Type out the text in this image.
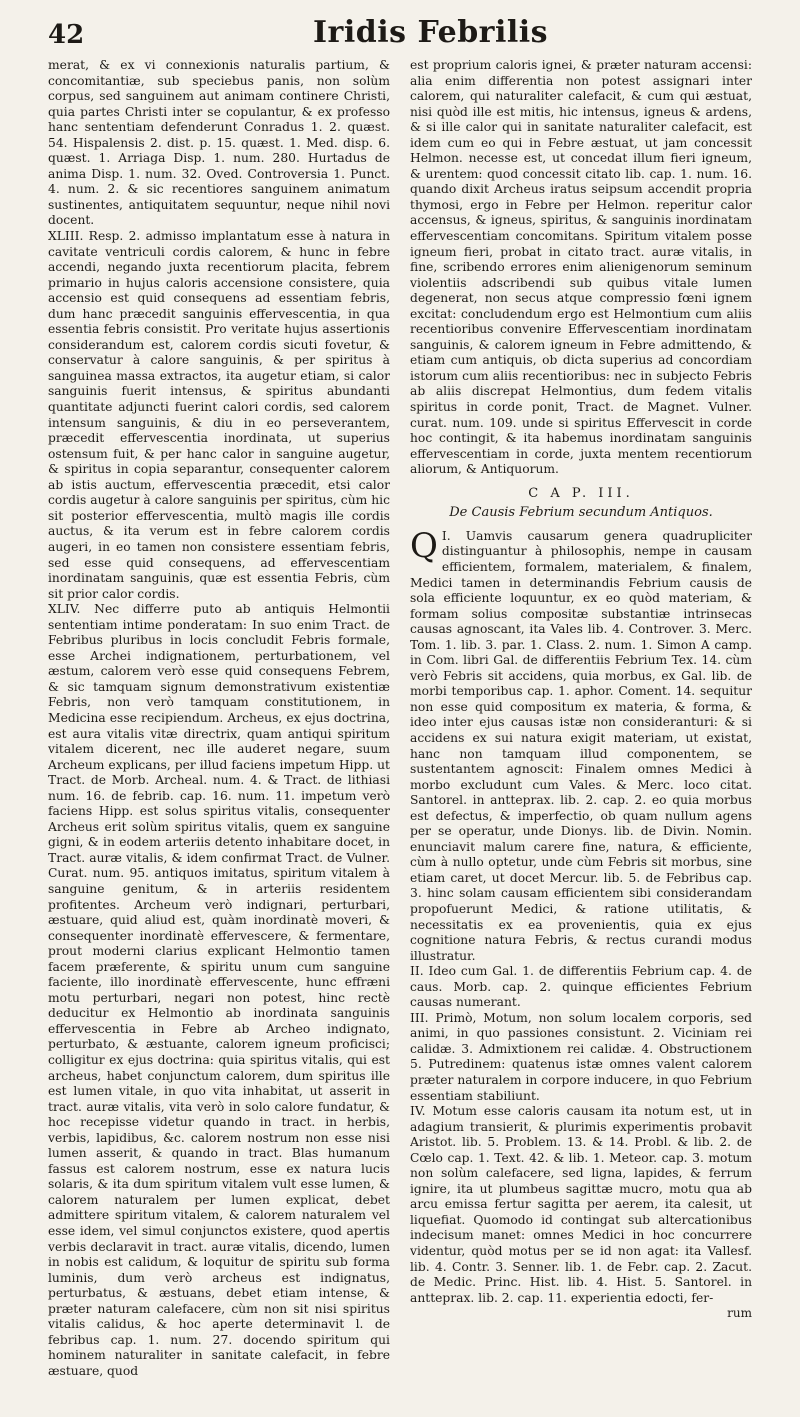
42	Iridis Febrilis

merat, & ex vi connexionis naturalis partium, & concomitantiæ, sub speciebus panis, non solùm corpus, sed sanguinem aut animam continere Christi, quia partes Christi inter se copulantur, & ex professo hanc sententiam defenderunt Conradus 1. 2. quæst. 54. Hispalensis 2. dist. p. 15. quæst. 1. Med. disp. 6. quæst. 1. Arriaga Disp. 1. num. 280. Hurtadus de anima Disp. 1. num. 32. Oved. Controversia 1. Punct. 4. num. 2. & sic recentiores sanguinem animatum sustinentes, antiquitatem sequuntur, neque nihil novi docent.

XLIII. Resp. 2. admisso implantatum esse à natura in cavitate ventriculi cordis calorem, & hunc in febre accendi, negando juxta recentiorum placita, febrem primario in hujus caloris accensione consistere, quia accensio est quid consequens ad essentiam febris, dum hanc præcedit sanguinis effervescentia, in qua essentia febris consistit. Pro veritate hujus assertionis considerandum est, calorem cordis sicuti fovetur, & conservatur à calore sanguinis, & per spiritus à sanguinea massa extractos, ita augetur etiam, si calor sanguinis fuerit intensus, & spiritus abundanti quantitate adjuncti fuerint calori cordis, sed calorem intensum sanguinis, & diu in eo perseverantem, præcedit effervescentia inordinata, ut superius ostensum fuit, & per hanc calor in sanguine augetur, & spiritus in copia separantur, consequenter calorem ab istis auctum, effervescentia præcedit, etsi calor cordis augetur à calore sanguinis per spiritus, cùm hic sit posterior effervescentia, multò magis ille cordis auctus, & ita verum est in febre calorem cordis augeri, in eo tamen non consistere essentiam febris, sed esse quid consequens, ad effervescentiam inordinatam sanguinis, quæ est essentia Febris, cùm sit prior calor cordis.

XLIV. Nec differre puto ab antiquis Helmontii sententiam intime ponderatam: In suo enim Tract. de Febribus pluribus in locis concludit Febris formale, esse Archei indignationem, perturbationem, vel æstum, calorem verò esse quid consequens Febrem, & sic tamquam signum demonstrativum existentiæ Febris, non verò tamquam constitutionem, in Medicina esse recipiendum. Archeus, ex ejus doctrina, est aura vitalis vitæ directrix, quam antiqui spiritum vitalem dicerent, nec ille auderet negare, suum Archeum explicans, per illud faciens impetum Hipp. ut Tract. de Morb. Archeal. num. 4. & Tract. de lithiasi num. 16. de febrib. cap. 16. num. 11. impetum verò faciens Hipp. est solus spiritus vitalis, consequenter Archeus erit solùm spiritus vitalis, quem ex sanguine gigni, & in eodem arteriis detento inhabitare docet, in Tract. auræ vitalis, & idem confirmat Tract. de Vulner. Curat. num. 95. antiquos imitatus, spiritum vitalem à sanguine genitum, & in arteriis residentem profitentes. Archeum verò indignari, perturbari, æstuare, quid aliud est, quàm inordinatè moveri, & consequenter inordinatè effervescere, & fermentare, prout moderni clarius explicant Helmontio tamen facem præferente, & spiritu unum cum sanguine faciente, illo inordinatè effervescente, hunc effræni motu perturbari, negari non potest, hinc rectè deducitur ex Helmontio ab inordinata sanguinis effervescentia in Febre ab Archeo indignato, perturbato, & æstuante, calorem igneum proficisci; colligitur ex ejus doctrina: quia spiritus vitalis, qui est archeus, habet conjunctum calorem, dum spiritus ille est lumen vitale, in quo vita inhabitat, ut asserit in tract. auræ vitalis, vita verò in solo calore fundatur, & hoc recepisse videtur quando in tract. in herbis, verbis, lapidibus, &c. calorem nostrum non esse nisi lumen asserit, & quando in tract. Blas humanum fassus est calorem nostrum, esse ex natura lucis solaris, & ita dum spiritum vitalem vult esse lumen, & calorem naturalem per lumen explicat, debet admittere spiritum vitalem, & calorem naturalem vel esse idem, vel simul conjunctos existere, quod apertis verbis declaravit in tract. auræ vitalis, dicendo, lumen in nobis est calidum, & loquitur de spiritu sub forma luminis, dum verò archeus est indignatus, perturbatus, & æstuans, debet etiam intense, & præter naturam calefacere, cùm non sit nisi spiritus vitalis calidus, & hoc aperte determinavit l. de febribus cap. 1. num. 27. docendo spiritum qui hominem naturaliter in sanitate calefacit, in febre æstuare, quod

est proprium caloris ignei, & præter naturam accensi: alia enim differentia non potest assignari inter calorem, qui naturaliter calefacit, & cum qui æstuat, nisi quòd ille est mitis, hic intensus, igneus & ardens, & si ille calor qui in sanitate naturaliter calefacit, est idem cum eo qui in Febre æstuat, ut jam concessit Helmon. necesse est, ut concedat illum fieri igneum, & urentem: quod concessit citato lib. cap. 1. num. 16. quando dixit Archeus iratus seipsum accendit propria thymosi, ergo in Febre per Helmon. reperitur calor accensus, & igneus, spiritus, & sanguinis inordinatam effervescentiam concomitans. Spiritum vitalem posse igneum fieri, probat in citato tract. auræ vitalis, in fine, scribendo errores enim alienigenorum seminum violentiis adscribendi sub quibus vitale lumen degenerat, non secus atque compressio fœni ignem excitat: concludendum ergo est Helmontium cum aliis recentioribus convenire Effervescentiam inordinatam sanguinis, & calorem igneum in Febre admittendo, & etiam cum antiquis, ob dicta superius ad concordiam istorum cum aliis recentioribus: nec in subjecto Febris ab aliis discrepat Helmontius, dum fedem vitalis spiritus in corde ponit, Tract. de Magnet. Vulner. curat. num. 109. unde si spiritus Effervescit in corde hoc contingit, & ita habemus inordinatam sanguinis effervescentiam in corde, juxta mentem recentiorum aliorum, & Antiquorum.

C A P. III.
De Causis Febrium secundum Antiquos.

Q I. Uamvis causarum genera quadrupliciter distinguantur à philosophis, nempe in causam efficientem, formalem, materialem, & finalem, Medici tamen in determinandis Febrium causis de sola efficiente loquuntur, ex eo quòd materiam, & formam solius compositæ substantiæ intrinsecas causas agnoscant, ita Vales lib. 4. Controver. 3. Merc. Tom. 1. lib. 3. par. 1. Class. 2. num. 1. Simon A camp. in Com. libri Gal. de differentiis Febrium Tex. 14. cùm verò Febris sit accidens, quia morbus, ex Gal. lib. de morbi temporibus cap. 1. aphor. Coment. 14. sequitur non esse quid compositum ex materia, & forma, & ideo inter ejus causas istæ non consideranturi: & si accidens ex sui natura exigit materiam, ut existat, hanc non tamquam illud componentem, se sustentantem agnoscit: Finalem omnes Medici à morbo excludunt cum Vales. & Merc. loco citat. Santorel. in antteprax. lib. 2. cap. 2. eo quia morbus est defectus, & imperfectio, ob quam nullum agens per se operatur, unde Dionys. lib. de Divin. Nomin. enunciavit malum carere fine, natura, & efficiente, cùm à nullo optetur, unde cùm Febris sit morbus, sine etiam caret, ut docet Mercur. lib. 5. de Febribus cap. 3. hinc solam causam efficientem sibi considerandam propofuerunt Medici, & ratione utilitatis, & necessitatis ex ea provenientis, quia ex ejus cognitione natura Febris, & rectus curandi modus illustratur.

II. Ideo cum Gal. 1. de differentiis Febrium cap. 4. de caus. Morb. cap. 2. quinque efficientes Febrium causas numerant.

III. Primò, Motum, non solum localem corporis, sed animi, in quo passiones consistunt. 2. Viciniam rei calidæ. 3. Admixtionem rei calidæ. 4. Obstructionem 5. Putredinem: quatenus istæ omnes valent calorem præter naturalem in corpore inducere, in quo Febrium essentiam stabiliunt.

IV. Motum esse caloris causam ita notum est, ut in adagium transierit, & plurimis experimentis probavit Aristot. lib. 5. Problem. 13. & 14. Probl. & lib. 2. de Cœlo cap. 1. Text. 42. & lib. 1. Meteor. cap. 3. motum non solùm calefacere, sed ligna, lapides, & ferrum ignire, ita ut plumbeus sagittæ mucro, motu qua ab arcu emissa fertur sagitta per aerem, ita calesit, ut liquefiat. Quomodo id contingat sub altercationibus indecisum manet: omnes Medici in hoc concurrere videntur, quòd motus per se id non agat: ita Vallesf. lib. 4. Contr. 3. Senner. lib. 1. de Febr. cap. 2. Zacut. de Medic. Princ. Hist. lib. 4. Hist. 5. Santorel. in antteprax. lib. 2. cap. 11. experientia edocti, fer-

rum
